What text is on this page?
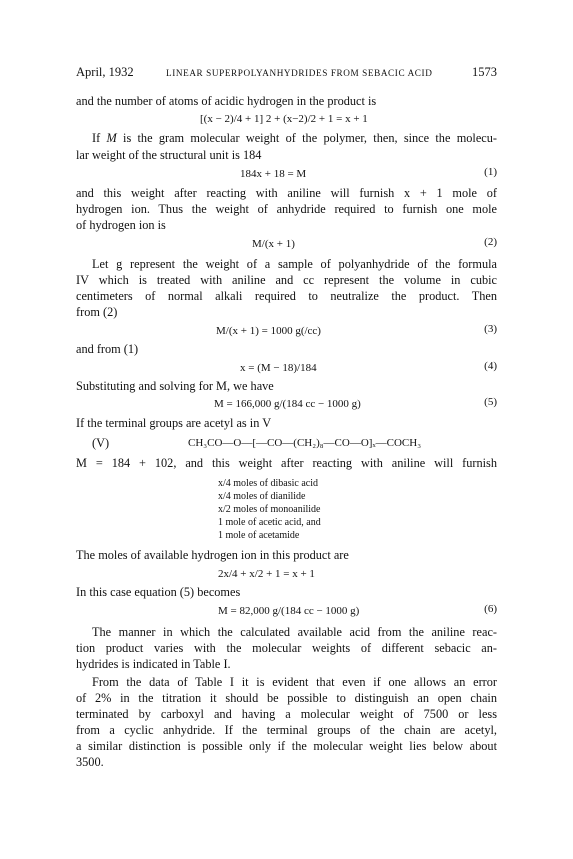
April, 1932	LINEAR SUPERPOLYANHYDRIDES FROM SEBACIC ACID	1573
and the number of atoms of acidic hydrogen in the product is
[(x − 2)/4 + 1] 2 + (x−2)/2 + 1 = x + 1
If M is the gram molecular weight of the polymer, then, since the molecu-
lar weight of the structural unit is 184
184x + 18 = M	(1)
and this weight after reacting with aniline will furnish x + 1 mole of
hydrogen ion. Thus the weight of anhydride required to furnish one mole
of hydrogen ion is
M/(x + 1)	(2)
Let g represent the weight of a sample of polyanhydride of the formula
IV which is treated with aniline and cc represent the volume in cubic
centimeters of normal alkali required to neutralize the product. Then
from (2)
M/(x + 1) = 1000 g(/cc)	(3)
and from (1)
x = (M − 18)/184	(4)
Substituting and solving for M, we have
M = 166,000 g/(184 cc − 1000 g)	(5)
If the terminal groups are acetyl as in V
(V)	CH₃CO—O—[—CO—(CH₂)₈—CO—O]ₓ—COCH₃
M = 184 + 102, and this weight after reacting with aniline will furnish
x/4 moles of dibasic acid
x/4 moles of dianilide
x/2 moles of monoanilide
1 mole of acetic acid, and
1 mole of acetamide
The moles of available hydrogen ion in this product are
2x/4 + x/2 + 1 = x + 1
In this case equation (5) becomes
M = 82,000 g/(184 cc − 1000 g)	(6)
The manner in which the calculated available acid from the aniline reac-
tion product varies with the molecular weights of different sebacic an-
hydrides is indicated in Table I.
From the data of Table I it is evident that even if one allows an error
of 2% in the titration it should be possible to distinguish an open chain
terminated by carboxyl and having a molecular weight of 7500 or less
from a cyclic anhydride. If the terminal groups of the chain are acetyl,
a similar distinction is possible only if the molecular weight lies below about
3500.
